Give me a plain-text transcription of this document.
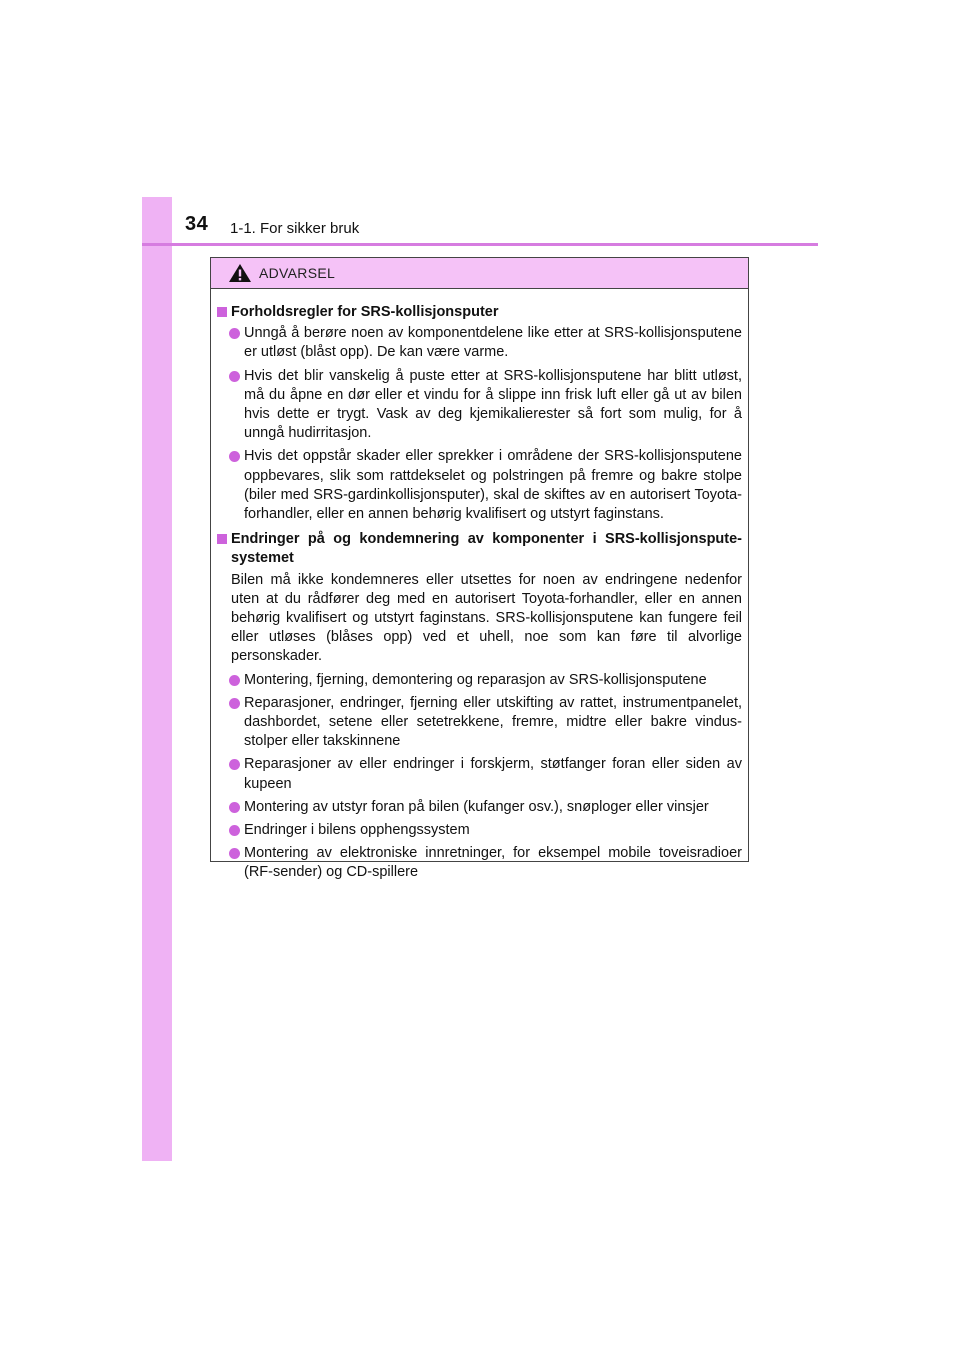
34 1-1. For sikker bruk
ADVARSEL
Forholdsregler for SRS-kollisjonsputer
Unngå å berøre noen av komponentdelene like etter at SRS-kollisjonsputene er utløst (blåst opp). De kan være varme.
Hvis det blir vanskelig å puste etter at SRS-kollisjonsputene har blitt utløst, må du åpne en dør eller et vindu for å slippe inn frisk luft eller gå ut av bilen hvis dette er trygt. Vask av deg kjemikalierester så fort som mulig, for å unngå hudirritasjon.
Hvis det oppstår skader eller sprekker i områdene der SRS-kollisjonsputene oppbevares, slik som rattdekselet og polstringen på fremre og bakre stolpe (biler med SRS-gardinkollisjonsputer), skal de skiftes av en autorisert Toyota-forhandler, eller en annen behørig kvalifisert og utstyrt faginstans.
Endringer på og kondemnering av komponenter i SRS-kollisjonspute-systemet
Bilen må ikke kondemneres eller utsettes for noen av endringene nedenfor uten at du rådfører deg med en autorisert Toyota-forhandler, eller en annen behørig kvalifisert og utstyrt faginstans. SRS-kollisjonsputene kan fungere feil eller utløses (blåses opp) ved et uhell, noe som kan føre til alvorlige personskader.
Montering, fjerning, demontering og reparasjon av SRS-kollisjonsputene
Reparasjoner, endringer, fjerning eller utskifting av rattet, instrumentpanelet, dashbordet, setene eller setetrekkene, fremre, midtre eller bakre vindus-stolper eller takskinnene
Reparasjoner av eller endringer i forskjerm, støtfanger foran eller siden av kupeen
Montering av utstyr foran på bilen (kufanger osv.), snøploger eller vinsjer
Endringer i bilens opphengssystem
Montering av elektroniske innretninger, for eksempel mobile toveisradioer (RF-sender) og CD-spillere
